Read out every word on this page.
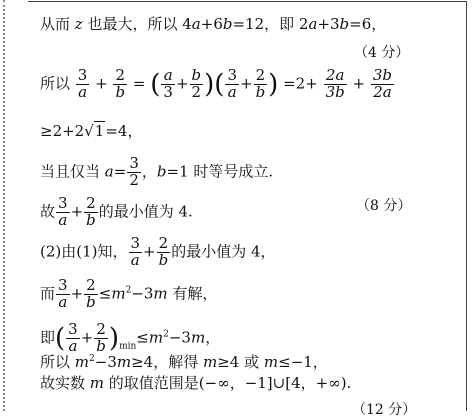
从而 z 也最大，所以 4a+6b=12，即 2a+3b=6，
（4 分）
所以 $\frac{3}{a} + \frac{2}{b}$ = ( $\frac{a}{3} + \frac{b}{2}$ )( $\frac{3}{a} + \frac{2}{b}$ ) $=2+ \frac{2a}{3b} + \frac{3b}{2a}$
≥2+2√1=4，
当且仅当 $a= \frac{3}{2}$ ，b=1 时等号成立.
故 $\frac{3}{a} + \frac{2}{b}$ 的最小值为 4.	（8 分）
(2)由(1)知， $\frac{3}{a} + \frac{2}{b}$ 的最小值为 4，
而 $\frac{3}{a} + \frac{2}{b} \le m^2-3m$ 有解，
即( $\frac{3}{a} + \frac{2}{b} )_{min}\le m^2-3m$，
所以 $m^2-3m\ge 4$，解得 m≥4 或 m≤−1，
故实数 m 的取值范围是(−∞，−1]∪[4，+∞).
（12 分）
